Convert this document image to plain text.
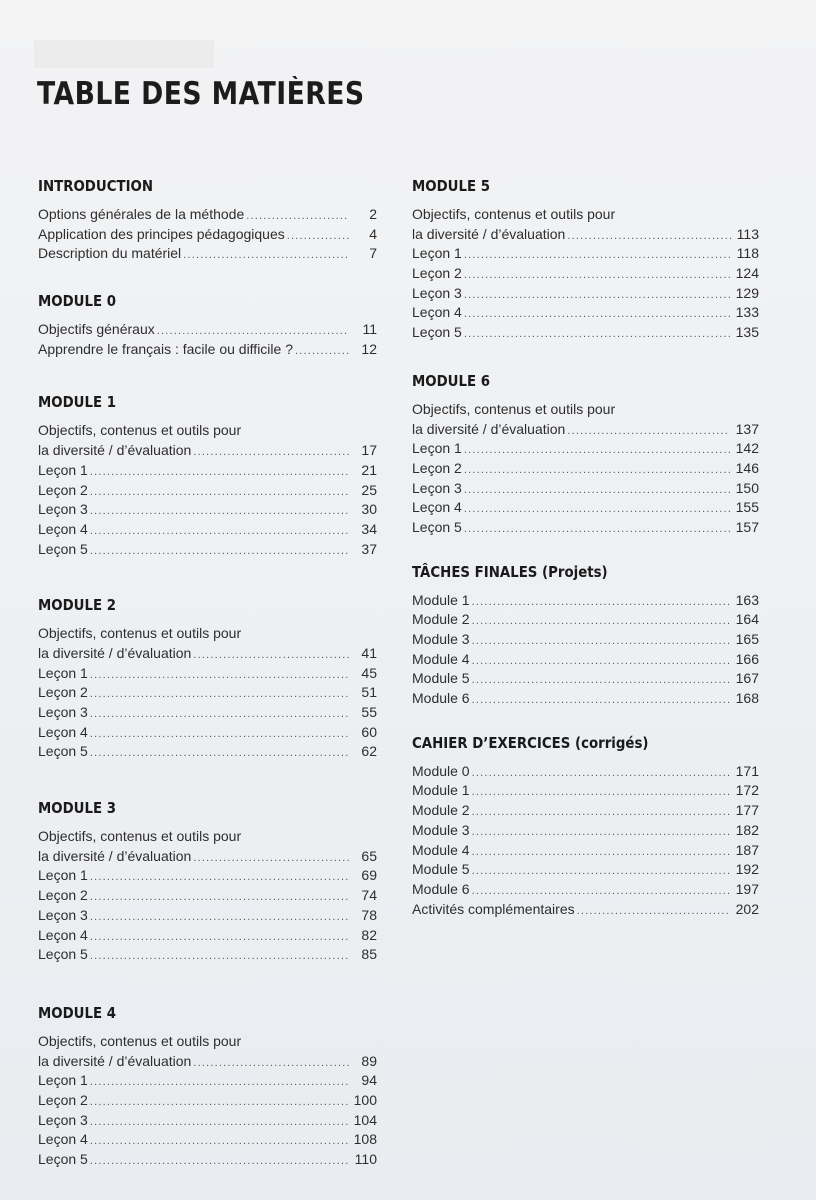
TABLE DES MATIÈRES
INTRODUCTION
Options générales de la méthode .....	2
Application des principes pédagogiques .....	4
Description du matériel .....	7
MODULE 0
Objectifs généraux .....	11
Apprendre le français : facile ou difficile ? .....	12
MODULE 1
Objectifs, contenus et outils pour
la diversité / d’évaluation .....	17
Leçon 1 .....	21
Leçon 2 .....	25
Leçon 3 .....	30
Leçon 4 .....	34
Leçon 5 .....	37
MODULE 2
Objectifs, contenus et outils pour
la diversité / d’évaluation .....	41
Leçon 1 .....	45
Leçon 2 .....	51
Leçon 3 .....	55
Leçon 4 .....	60
Leçon 5 .....	62
MODULE 3
Objectifs, contenus et outils pour
la diversité / d’évaluation .....	65
Leçon 1 .....	69
Leçon 2 .....	74
Leçon 3 .....	78
Leçon 4 .....	82
Leçon 5 .....	85
MODULE 4
Objectifs, contenus et outils pour
la diversité / d’évaluation .....	89
Leçon 1 .....	94
Leçon 2 .....	100
Leçon 3 .....	104
Leçon 4 .....	108
Leçon 5 .....	110
MODULE 5
Objectifs, contenus et outils pour
la diversité / d’évaluation .....	113
Leçon 1 .....	118
Leçon 2 .....	124
Leçon 3 .....	129
Leçon 4 .....	133
Leçon 5 .....	135
MODULE 6
Objectifs, contenus et outils pour
la diversité / d’évaluation .....	137
Leçon 1 .....	142
Leçon 2 .....	146
Leçon 3 .....	150
Leçon 4 .....	155
Leçon 5 .....	157
TÂCHES FINALES (Projets)
Module 1 .....	163
Module 2 .....	164
Module 3 .....	165
Module 4 .....	166
Module 5 .....	167
Module 6 .....	168
CAHIER D’EXERCICES (corrigés)
Module 0 .....	171
Module 1 .....	172
Module 2 .....	177
Module 3 .....	182
Module 4 .....	187
Module 5 .....	192
Module 6 .....	197
Activités complémentaires .....	202
